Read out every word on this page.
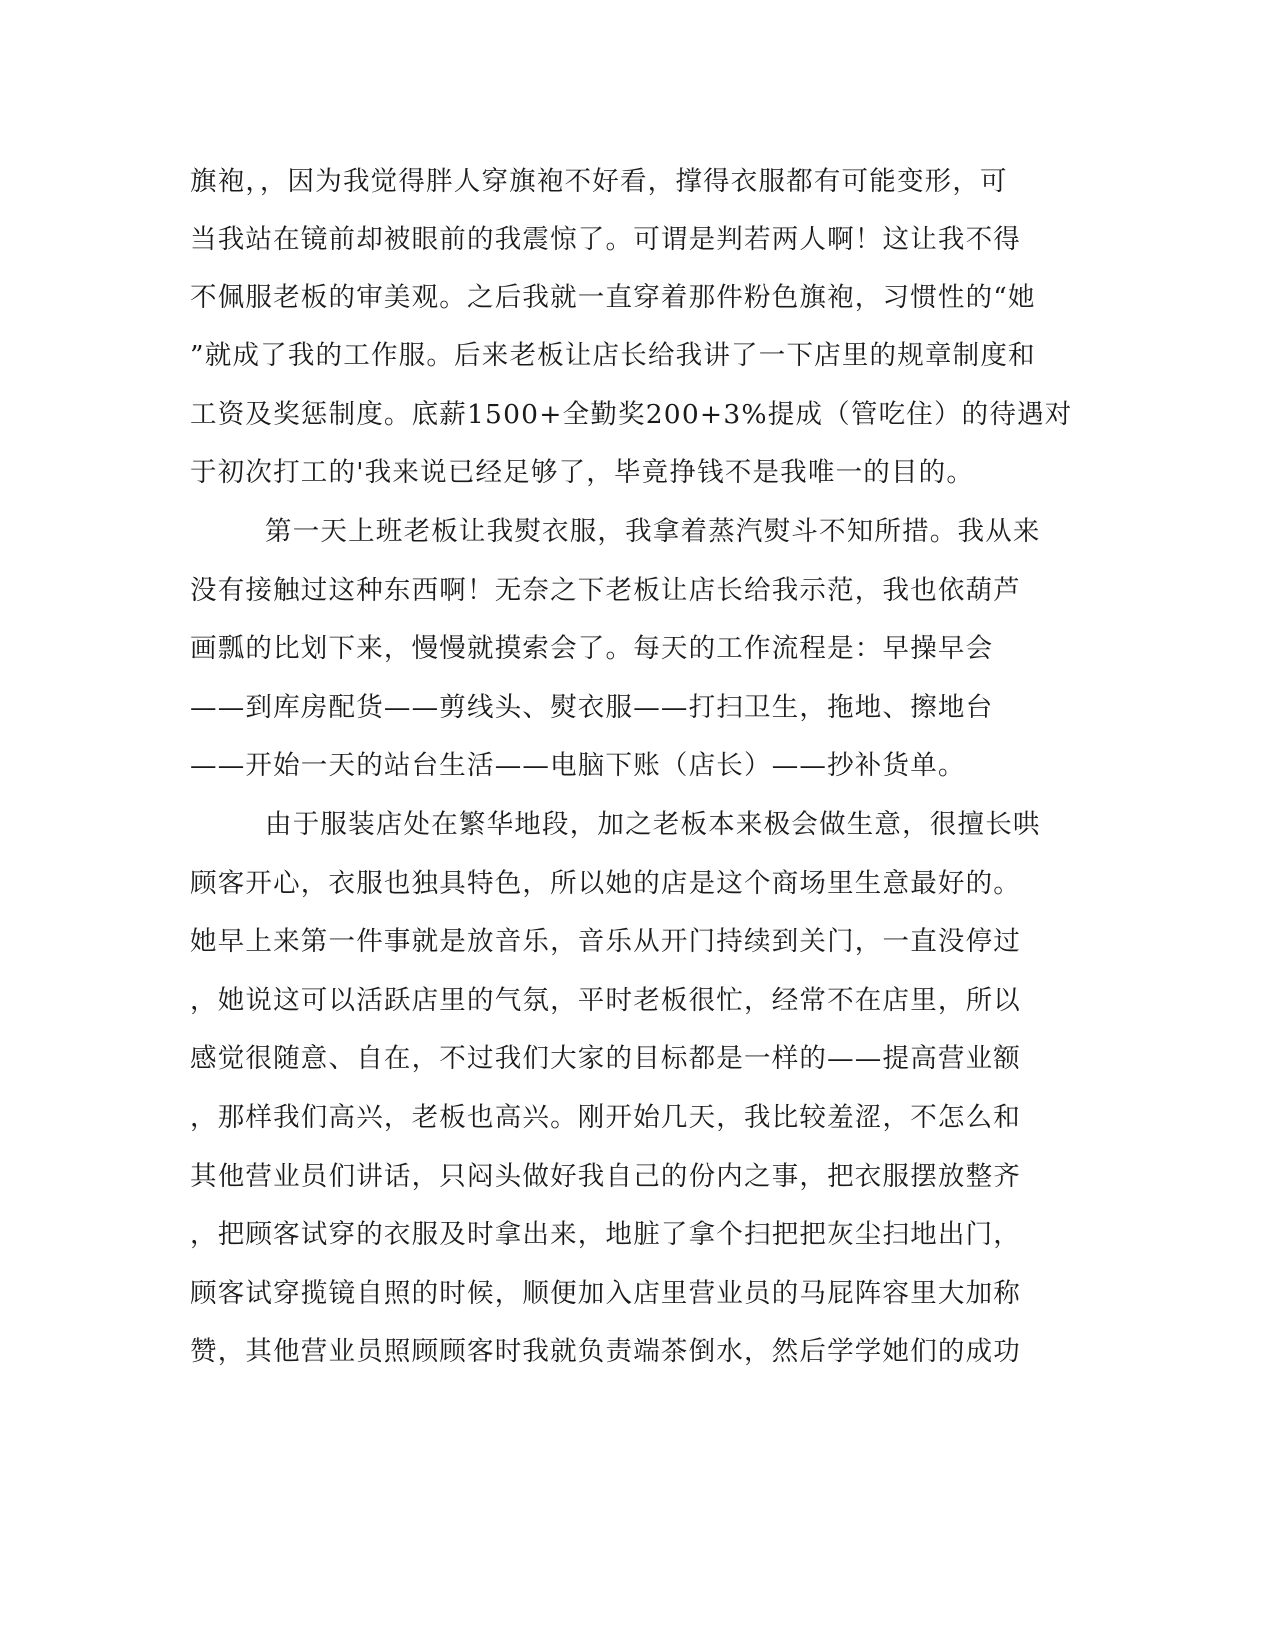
旗袍，，因为我觉得胖人穿旗袍不好看，撑得衣服都有可能变形，可
当我站在镜前却被眼前的我震惊了。可谓是判若两人啊！这让我不得
不佩服老板的审美观。之后我就一直穿着那件粉色旗袍，习惯性的“她
”就成了我的工作服。后来老板让店长给我讲了一下店里的规章制度和
工资及奖惩制度。底薪1500+全勤奖200+3%提成（管吃住）的待遇对
于初次打工的'我来说已经足够了，毕竟挣钱不是我唯一的目的。
第一天上班老板让我熨衣服，我拿着蒸汽熨斗不知所措。我从来
没有接触过这种东西啊！无奈之下老板让店长给我示范，我也依葫芦
画瓢的比划下来，慢慢就摸索会了。每天的工作流程是：早操早会
——到库房配货——剪线头、熨衣服——打扫卫生，拖地、擦地台
——开始一天的站台生活——电脑下账（店长）——抄补货单。
由于服装店处在繁华地段，加之老板本来极会做生意，很擅长哄
顾客开心，衣服也独具特色，所以她的店是这个商场里生意最好的。
她早上来第一件事就是放音乐，音乐从开门持续到关门，一直没停过
，她说这可以活跃店里的气氛，平时老板很忙，经常不在店里，所以
感觉很随意、自在，不过我们大家的目标都是一样的——提高营业额
，那样我们高兴，老板也高兴。刚开始几天，我比较羞涩，不怎么和
其他营业员们讲话，只闷头做好我自己的份内之事，把衣服摆放整齐
，把顾客试穿的衣服及时拿出来，地脏了拿个扫把把灰尘扫地出门，
顾客试穿揽镜自照的时候，顺便加入店里营业员的马屁阵容里大加称
赞，其他营业员照顾顾客时我就负责端茶倒水，然后学学她们的成功
